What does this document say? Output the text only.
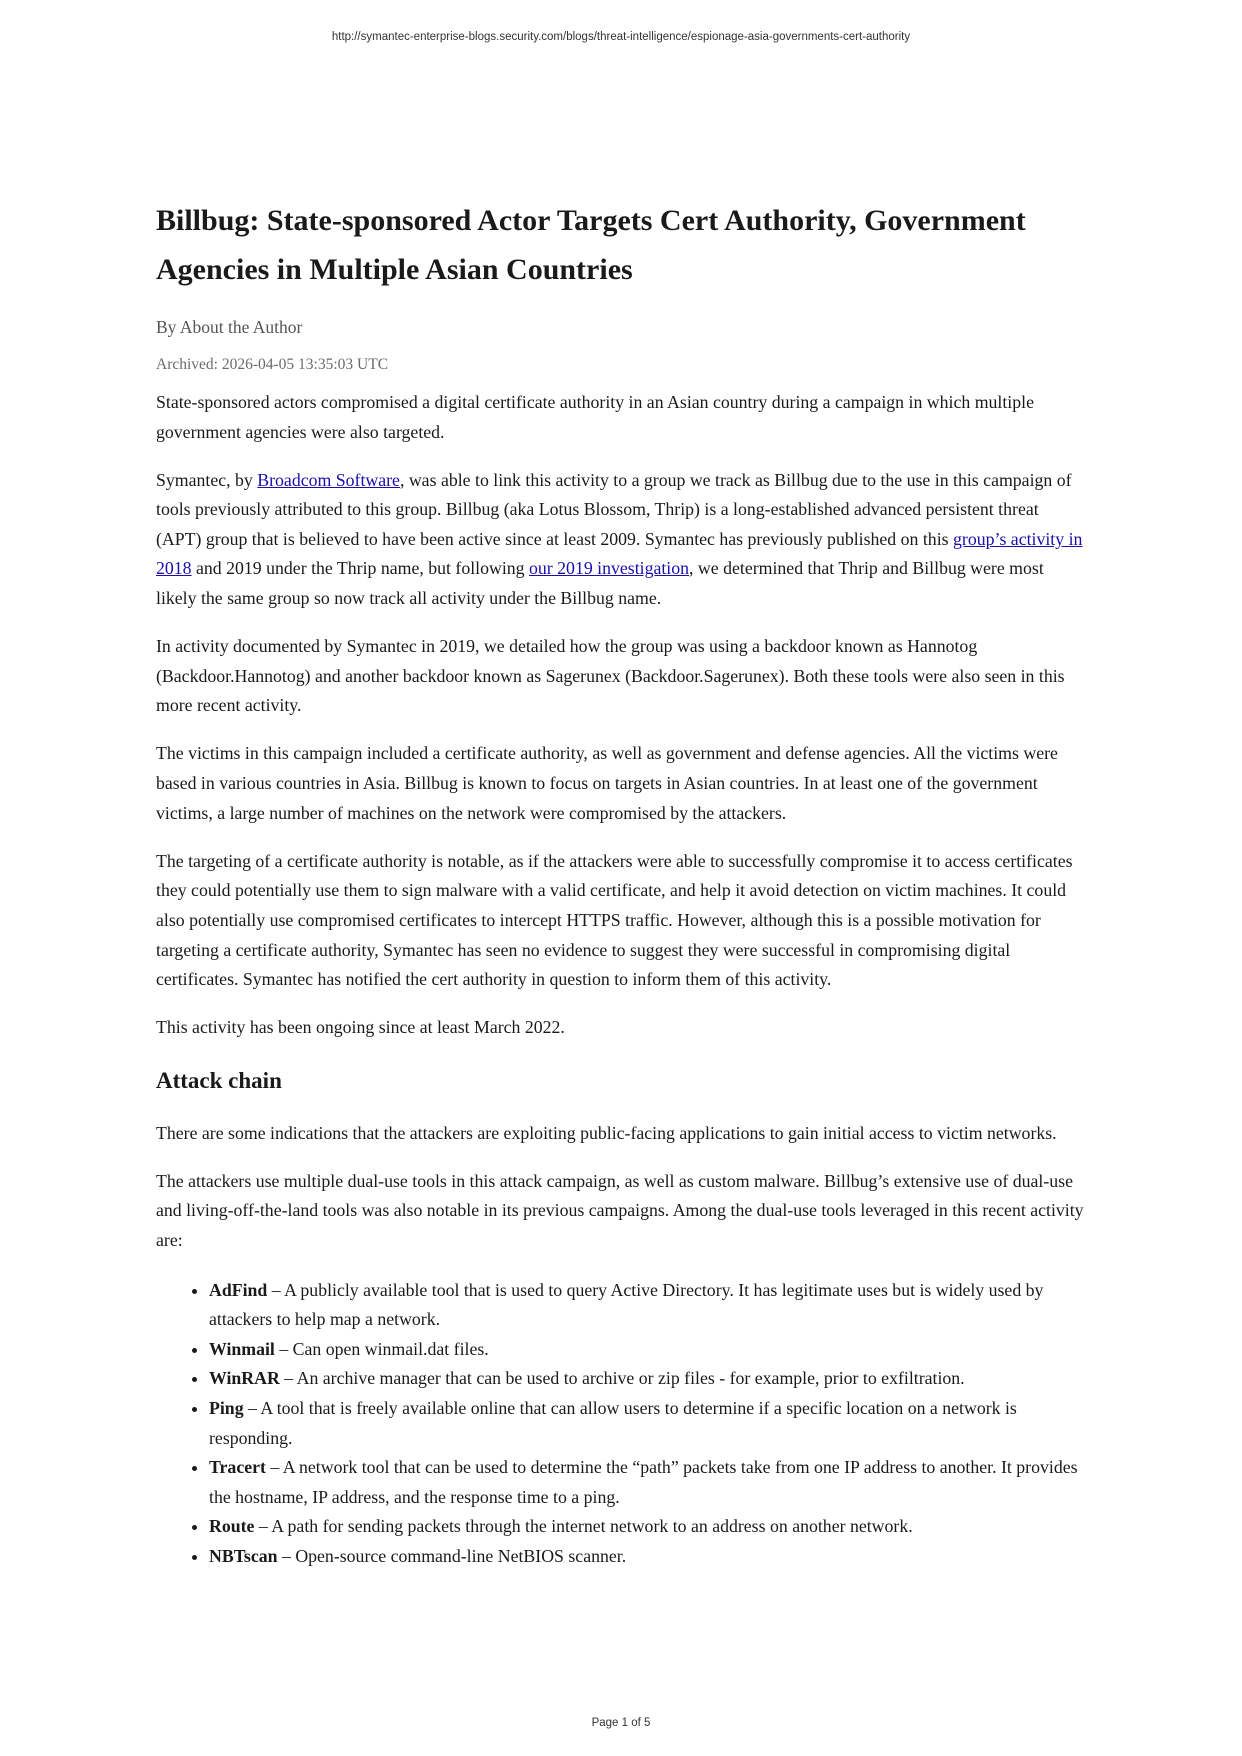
http://symantec-enterprise-blogs.security.com/blogs/threat-intelligence/espionage-asia-governments-cert-authority
Billbug: State-sponsored Actor Targets Cert Authority, Government Agencies in Multiple Asian Countries
By About the Author
Archived: 2026-04-05 13:35:03 UTC

State-sponsored actors compromised a digital certificate authority in an Asian country during a campaign in which multiple government agencies were also targeted.

Symantec, by Broadcom Software, was able to link this activity to a group we track as Billbug due to the use in this campaign of tools previously attributed to this group. Billbug (aka Lotus Blossom, Thrip) is a long-established advanced persistent threat (APT) group that is believed to have been active since at least 2009. Symantec has previously published on this group’s activity in 2018 and 2019 under the Thrip name, but following our 2019 investigation, we determined that Thrip and Billbug were most likely the same group so now track all activity under the Billbug name.

In activity documented by Symantec in 2019, we detailed how the group was using a backdoor known as Hannotog (Backdoor.Hannotog) and another backdoor known as Sagerunex (Backdoor.Sagerunex). Both these tools were also seen in this more recent activity.

The victims in this campaign included a certificate authority, as well as government and defense agencies. All the victims were based in various countries in Asia. Billbug is known to focus on targets in Asian countries. In at least one of the government victims, a large number of machines on the network were compromised by the attackers.

The targeting of a certificate authority is notable, as if the attackers were able to successfully compromise it to access certificates they could potentially use them to sign malware with a valid certificate, and help it avoid detection on victim machines. It could also potentially use compromised certificates to intercept HTTPS traffic. However, although this is a possible motivation for targeting a certificate authority, Symantec has seen no evidence to suggest they were successful in compromising digital certificates. Symantec has notified the cert authority in question to inform them of this activity.

This activity has been ongoing since at least March 2022.

Attack chain

There are some indications that the attackers are exploiting public-facing applications to gain initial access to victim networks.

The attackers use multiple dual-use tools in this attack campaign, as well as custom malware. Billbug’s extensive use of dual-use and living-off-the-land tools was also notable in its previous campaigns. Among the dual-use tools leveraged in this recent activity are:

• AdFind – A publicly available tool that is used to query Active Directory. It has legitimate uses but is widely used by attackers to help map a network.
• Winmail – Can open winmail.dat files.
• WinRAR – An archive manager that can be used to archive or zip files - for example, prior to exfiltration.
• Ping – A tool that is freely available online that can allow users to determine if a specific location on a network is responding.
• Tracert – A network tool that can be used to determine the “path” packets take from one IP address to another. It provides the hostname, IP address, and the response time to a ping.
• Route – A path for sending packets through the internet network to an address on another network.
• NBTscan – Open-source command-line NetBIOS scanner.
Page 1 of 5
